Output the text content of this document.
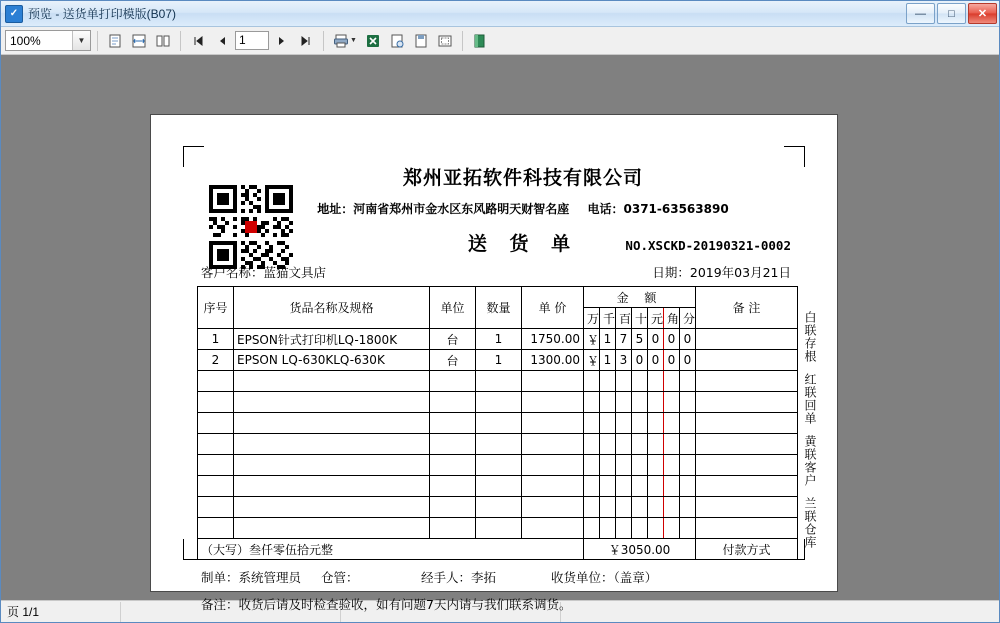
✓ 预览 - 送货单打印模版(B07)	—	□	✕
100%	▼	1	▼
郑州亚拓软件科技有限公司
地址：河南省郑州市金水区东风路明天财智名座 电话：0371-63563890
送 货 单	NO.XSCKD-20190321-0002
客户名称：蓝猫文具店	日期：2019年03月21日
序号	货品名称及规格	单位	数量	单 价	金 额							备 注
					万	千	百	十	元	角	分	
1	EPSON针式打印机LQ-1800K	台	1	1750.00	￥	1	7	5	0	0	0	
2	EPSON LQ-630KLQ-630K	台	1	1300.00	￥	1	3	0	0	0	0	

（大写）叁仟零伍拾元整					￥3050.00							付款方式
制单：系统管理员	仓管：	经手人：李拓	收货单位：（盖章）
备注：收货后请及时检查验收，如有问题7天内请与我们联系调货。
白联存根
红联回单
黄联客户
兰联仓库
页 1/1
